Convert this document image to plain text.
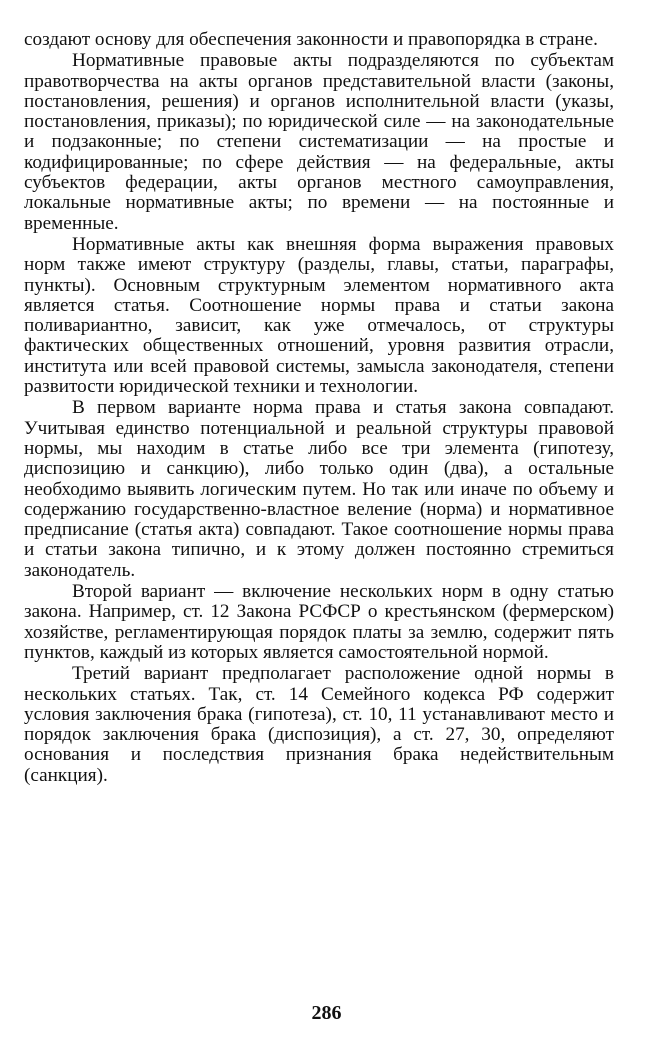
создают основу для обеспечения законности и правопорядка в стране.

Нормативные правовые акты подразделяются по субъектам правотворчества на акты органов представительной власти (законы, постановления, решения) и органов исполнительной власти (указы, постановления, приказы); по юридической силе — на законодательные и подзаконные; по степени систематизации — на простые и кодифицированные; по сфере действия — на федеральные, акты субъектов федерации, акты органов местного самоуправления, локальные нормативные акты; по времени — на постоянные и временные.

Нормативные акты как внешняя форма выражения правовых норм также имеют структуру (разделы, главы, статьи, параграфы, пункты). Основным структурным элементом нормативного акта является статья. Соотношение нормы права и статьи закона поливариантно, зависит, как уже отмечалось, от структуры фактических общественных отношений, уровня развития отрасли, института или всей правовой системы, замысла законодателя, степени развитости юридической техники и технологии.

В первом варианте норма права и статья закона совпадают. Учитывая единство потенциальной и реальной структуры правовой нормы, мы находим в статье либо все три элемента (гипотезу, диспозицию и санкцию), либо только один (два), а остальные необходимо выявить логическим путем. Но так или иначе по объему и содержанию государственно-властное веление (норма) и нормативное предписание (статья акта) совпадают. Такое соотношение нормы права и статьи закона типично, и к этому должен постоянно стремиться законодатель.

Второй вариант — включение нескольких норм в одну статью закона. Например, ст. 12 Закона РСФСР о крестьянском (фермерском) хозяйстве, регламентирующая порядок платы за землю, содержит пять пунктов, каждый из которых является самостоятельной нормой.

Третий вариант предполагает расположение одной нормы в нескольких статьях. Так, ст. 14 Семейного кодекса РФ содержит условия заключения брака (гипотеза), ст. 10, 11 устанавливают место и порядок заключения брака (диспозиция), а ст. 27, 30, определяют основания и последствия признания брака недействительным (санкция).

286
